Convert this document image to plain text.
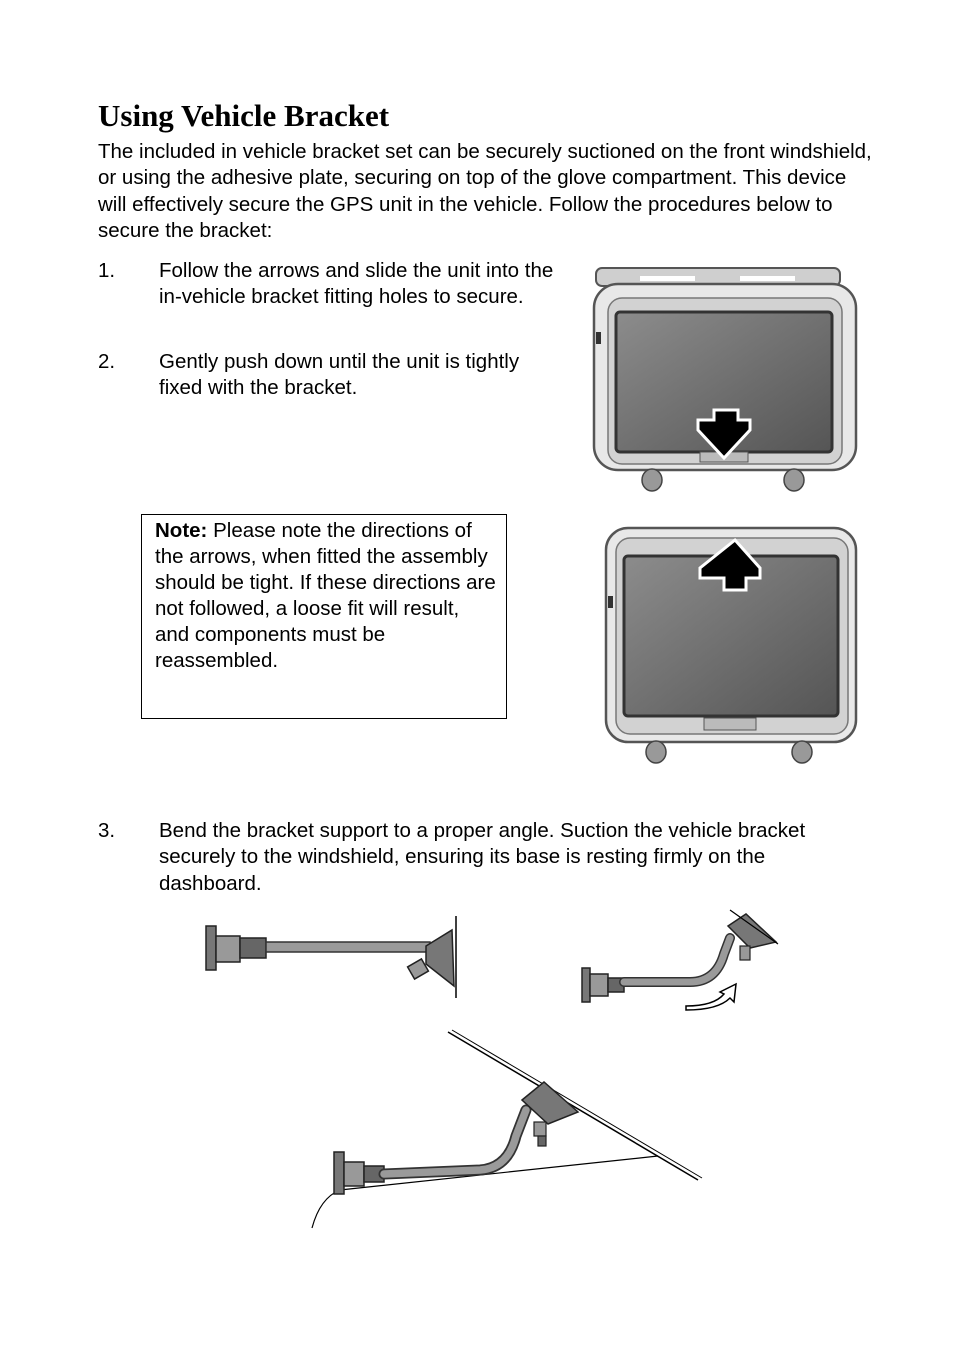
Using Vehicle Bracket

The included in vehicle bracket set can be securely suctioned on the front windshield, or using the adhesive plate, securing on top of the glove compartment. This device will effectively secure the GPS unit in the vehicle. Follow the procedures below to secure the bracket:

1. Follow the arrows and slide the unit into the in-vehicle bracket fitting holes to secure.
2. Gently push down until the unit is tightly fixed with the bracket.
Note: Please note the directions of the arrows, when fitted the assembly should be tight. If these directions are not followed, a loose fit will result, and components must be reassembled.
3. Bend the bracket support to a proper angle. Suction the vehicle bracket securely to the windshield, ensuring its base is resting firmly on the dashboard.
